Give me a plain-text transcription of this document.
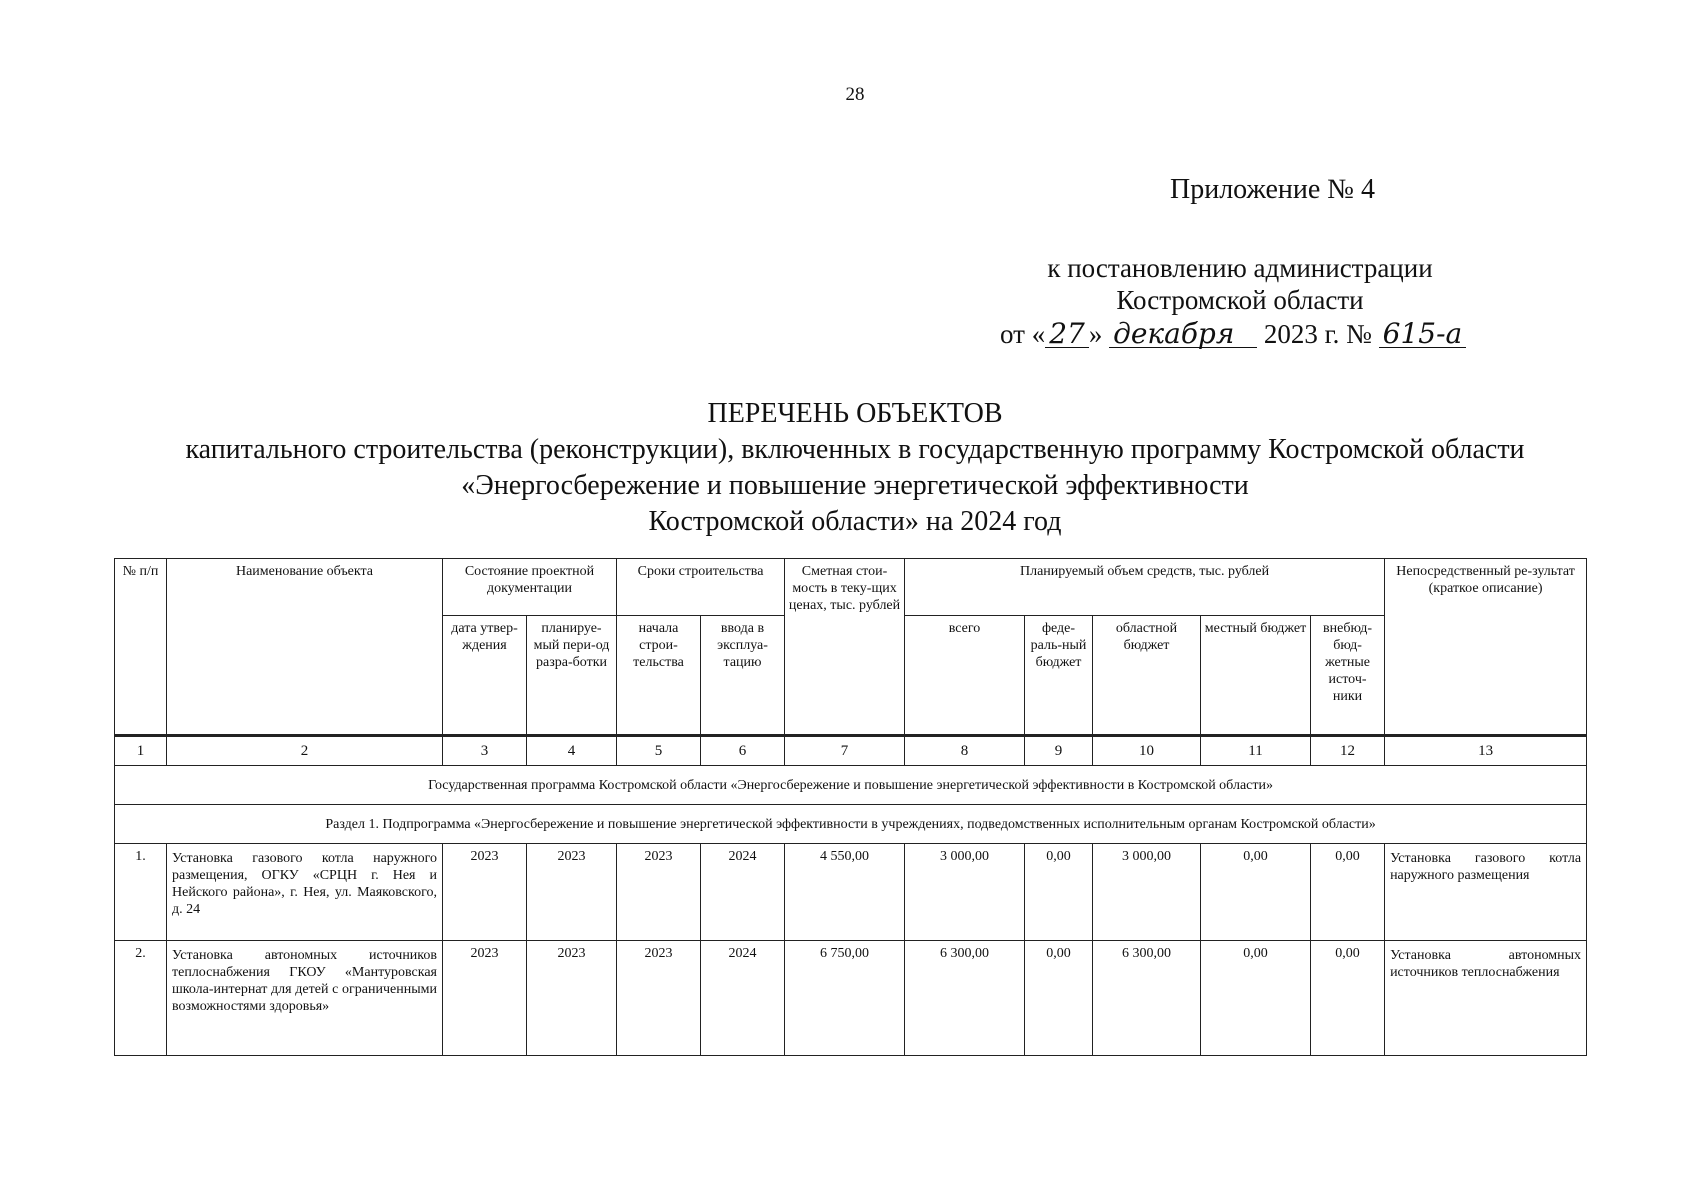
28
Приложение № 4
к постановлению администрации
Костромской области
от « 27 » декабря 2023 г. № 615-а
ПЕРЕЧЕНЬ ОБЪЕКТОВ
капитального строительства (реконструкции), включенных в государственную программу Костромской области
«Энергосбережение и повышение энергетической эффективности
Костромской области» на 2024 год
№ п/п	Наименование объекта	Состояние проектной документации		Сроки строительства		Сметная стои-мость в теку-щих ценах, тыс. рублей	Планируемый объем средств, тыс. рублей					Непосредственный ре-зультат (краткое описание)
		дата утвер-ждения	планируе-мый пери-од разра-ботки	начала строи-тельства	ввода в эксплуа-тацию		всего	феде-раль-ный бюджет	областной бюджет	местный бюджет	внебюд-бюд-жетные источ-ники	

1	2	3	4	5	6	7	8	9	10	11	12	13
Государственная программа Костромской области «Энергосбережение и повышение энергетической эффективности в Костромской области»												
Раздел 1. Подпрограмма «Энергосбережение и повышение энергетической эффективности в учреждениях, подведомственных исполнительным органам Костромской области»												
1.	Установка газового котла наружного размещения, ОГКУ «СРЦН г. Нея и Нейского района», г. Нея, ул. Маяковского, д. 24	2023	2023	2023	2024	4 550,00	3 000,00	0,00	3 000,00	0,00	0,00	Установка газового котла наружного размещения
2.	Установка автономных источников теплоснабжения ГКОУ «Мантуровская школа-интернат для детей с ограниченными возможностями здоровья»	2023	2023	2023	2024	6 750,00	6 300,00	0,00	6 300,00	0,00	0,00	Установка автономных источников теплоснабжения
